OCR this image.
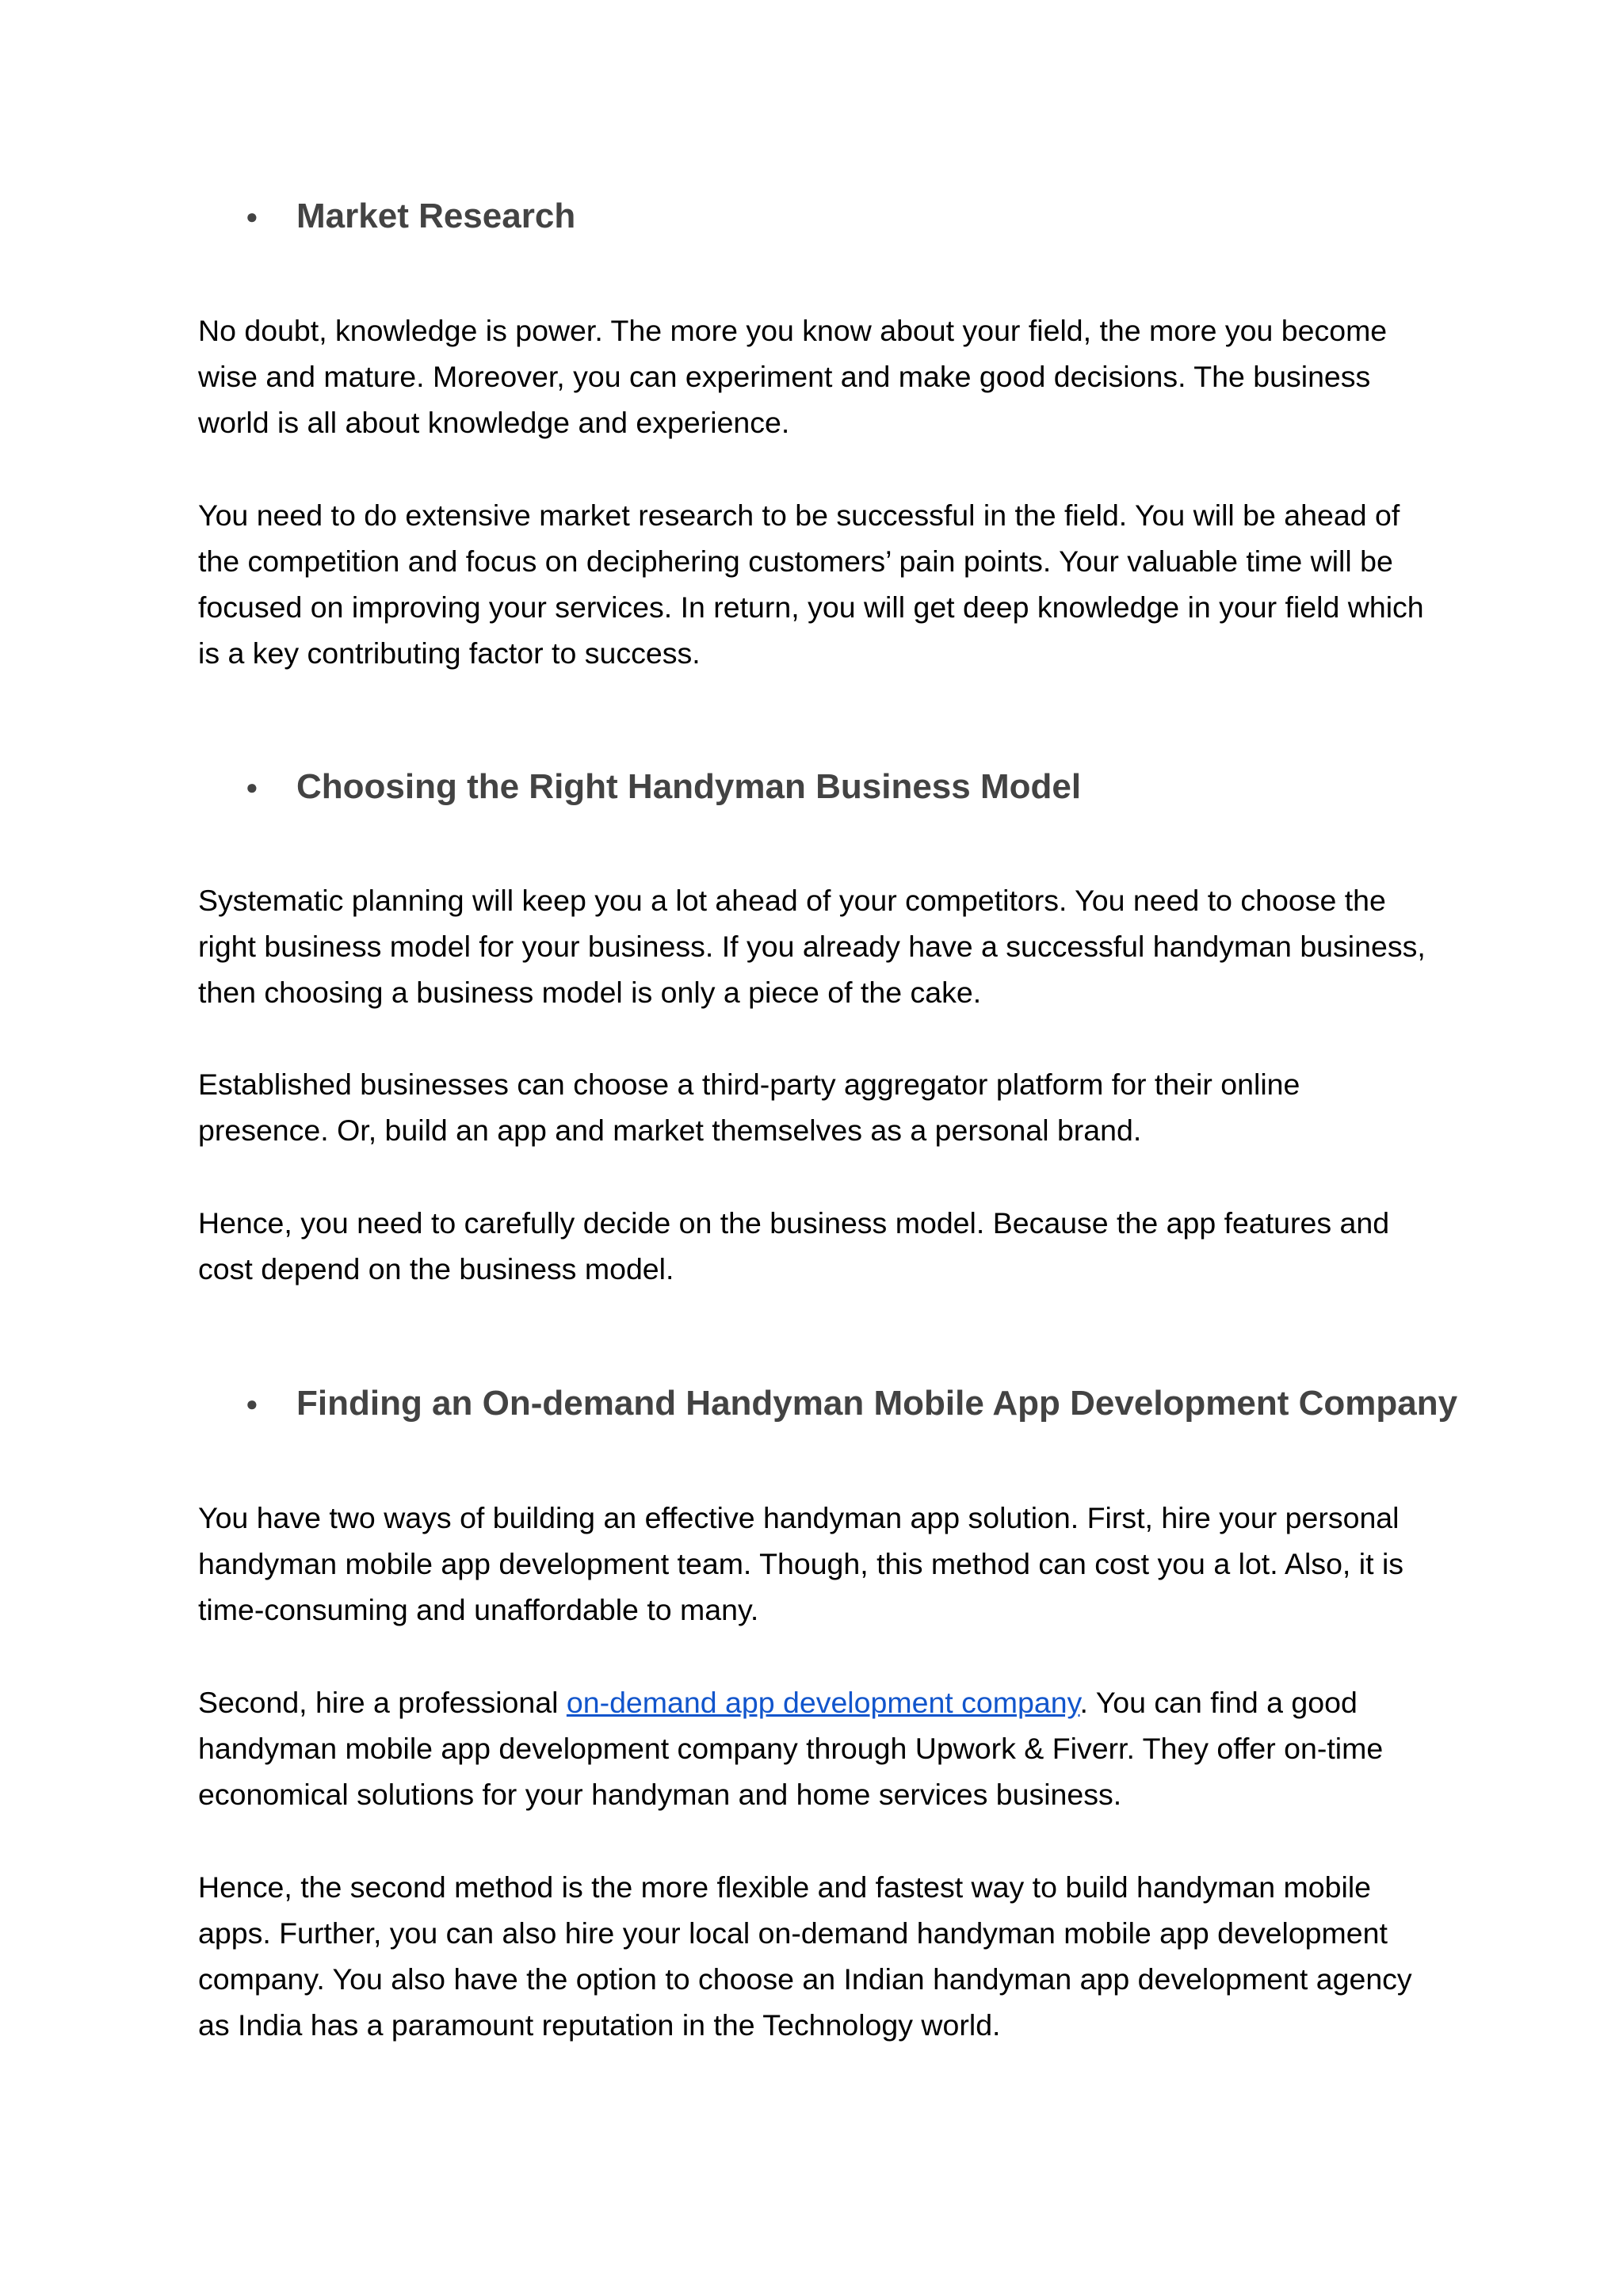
●	Market Research

No doubt, knowledge is power. The more you know about your field, the more you become wise and mature. Moreover, you can experiment and make good decisions. The business world is all about knowledge and experience.

You need to do extensive market research to be successful in the field. You will be ahead of the competition and focus on deciphering customers’ pain points. Your valuable time will be focused on improving your services. In return, you will get deep knowledge in your field which is a key contributing factor to success.

●	Choosing the Right Handyman Business Model

Systematic planning will keep you a lot ahead of your competitors. You need to choose the right business model for your business. If you already have a successful handyman business, then choosing a business model is only a piece of the cake.

Established businesses can choose a third-party aggregator platform for their online presence. Or, build an app and market themselves as a personal brand.

Hence, you need to carefully decide on the business model. Because the app features and cost depend on the business model.

●	Finding an On-demand Handyman Mobile App Development Company

You have two ways of building an effective handyman app solution. First, hire your personal handyman mobile app development team. Though, this method can cost you a lot. Also, it is time-consuming and unaffordable to many.

Second, hire a professional on-demand app development company. You can find a good handyman mobile app development company through Upwork & Fiverr. They offer on-time economical solutions for your handyman and home services business.

Hence, the second method is the more flexible and fastest way to build handyman mobile apps. Further, you can also hire your local on-demand handyman mobile app development company. You also have the option to choose an Indian handyman app development agency as India has a paramount reputation in the Technology world.
